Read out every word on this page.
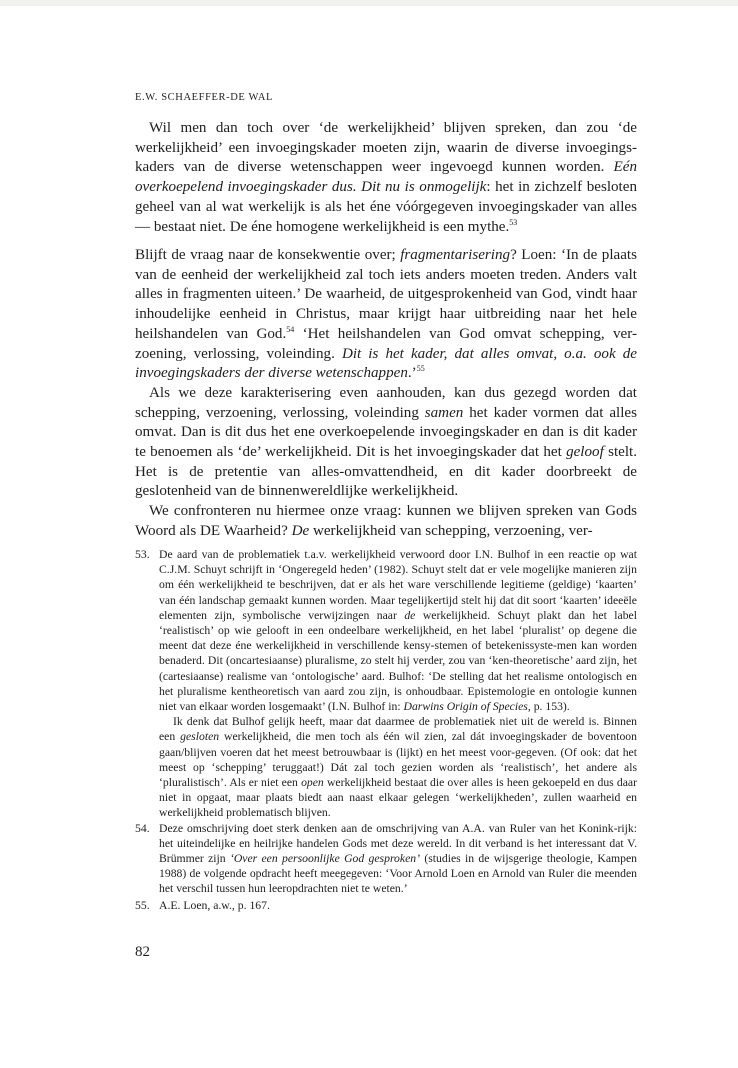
E.W. SCHAEFFER-DE WAL

Wil men dan toch over ‘de werkelijkheid’ blijven spreken, dan zou ‘de werkelijkheid’ een invoegingskader moeten zijn, waarin de diverse invoegings-kaders van de diverse wetenschappen weer ingevoegd kunnen worden. Eén overkoepelend invoegingskader dus. Dit nu is onmogelijk: het in zichzelf besloten geheel van al wat werkelijk is als het éne vóórgegeven invoegingskader van alles — bestaat niet. De éne homogene werkelijkheid is een mythe.$^{53}$

Blijft de vraag naar de konsekwentie over; fragmentarisering? Loen: ‘In de plaats van de eenheid der werkelijkheid zal toch iets anders moeten treden. Anders valt alles in fragmenten uiteen.’ De waarheid, de uitgesprokenheid van God, vindt haar inhoudelijke eenheid in Christus, maar krijgt haar uitbreiding naar het hele heilshandelen van God.$^{54}$ ‘Het heilshandelen van God omvat schepping, ver-zoening, verlossing, voleinding. Dit is het kader, dat alles omvat, o.a. ook de invoegingskaders der diverse wetenschappen.’$^{55}$

Als we deze karakterisering even aanhouden, kan dus gezegd worden dat schepping, verzoening, verlossing, voleinding samen het kader vormen dat alles omvat. Dan is dit dus het ene overkoepelende invoegingskader en dan is dit kader te benoemen als ‘de’ werkelijkheid. Dit is het invoegingskader dat het geloof stelt. Het is de pretentie van alles-omvattendheid, en dit kader doorbreekt de geslotenheid van de binnenwereldlijke werkelijkheid.

We confronteren nu hiermee onze vraag: kunnen we blijven spreken van Gods Woord als DE Waarheid? De werkelijkheid van schepping, verzoening, ver-

53. De aard van de problematiek t.a.v. werkelijkheid verwoord door I.N. Bulhof in een reactie op wat C.J.M. Schuyt schrijft in ‘Ongeregeld heden’ (1982). Schuyt stelt dat er vele mogelijke manieren zijn om één werkelijkheid te beschrijven, dat er als het ware verschillende legitieme (geldige) ‘kaarten’ van één landschap gemaakt kunnen worden. Maar tegelijkertijd stelt hij dat dit soort ‘kaarten’ ideeële elementen zijn, symbolische verwijzingen naar de werkelijkheid. Schuyt plakt dan het label ‘realistisch’ op wie gelooft in een ondeelbare werkelijkheid, en het label ‘pluralist’ op degene die meent dat deze éne werkelijkheid in verschillende kensy-stemen of betekenissyste-men kan worden benaderd. Dit (oncartesiaanse) pluralisme, zo stelt hij verder, zou van ‘ken-theoretische’ aard zijn, het (cartesiaanse) realisme van ‘ontologische’ aard. Bulhof: ‘De stelling dat het realisme ontologisch en het pluralisme kentheoretisch van aard zou zijn, is onhoudbaar. Epistemologie en ontologie kunnen niet van elkaar worden losgemaakt’ (I.N. Bulhof in: Darwins Origin of Species, p. 153).

Ik denk dat Bulhof gelijk heeft, maar dat daarmee de problematiek niet uit de wereld is. Binnen een gesloten werkelijkheid, die men toch als één wil zien, zal dát invoegingskader de boventoon gaan/blijven voeren dat het meest betrouwbaar is (lijkt) en het meest voor-gegeven. (Of ook: dat het meest op ‘schepping’ teruggaat!) Dát zal toch gezien worden als ‘realistisch’, het andere als ‘pluralistisch’. Als er niet een open werkelijkheid bestaat die over alles is heen gekoepeld en dus daar niet in opgaat, maar plaats biedt aan naast elkaar gelegen ‘werkelijkheden’, zullen waarheid en werkelijkheid problematisch blijven.

54. Deze omschrijving doet sterk denken aan de omschrijving van A.A. van Ruler van het Konink-rijk: het uiteindelijke en heilrijke handelen Gods met deze wereld. In dit verband is het interessant dat V. Brümmer zijn ‘Over een persoonlijke God gesproken’ (studies in de wijsgerige theologie, Kampen 1988) de volgende opdracht heeft meegegeven: ‘Voor Arnold Loen en Arnold van Ruler die meenden het verschil tussen hun leeropdrachten niet te weten.’

55. A.E. Loen, a.w., p. 167.

82
